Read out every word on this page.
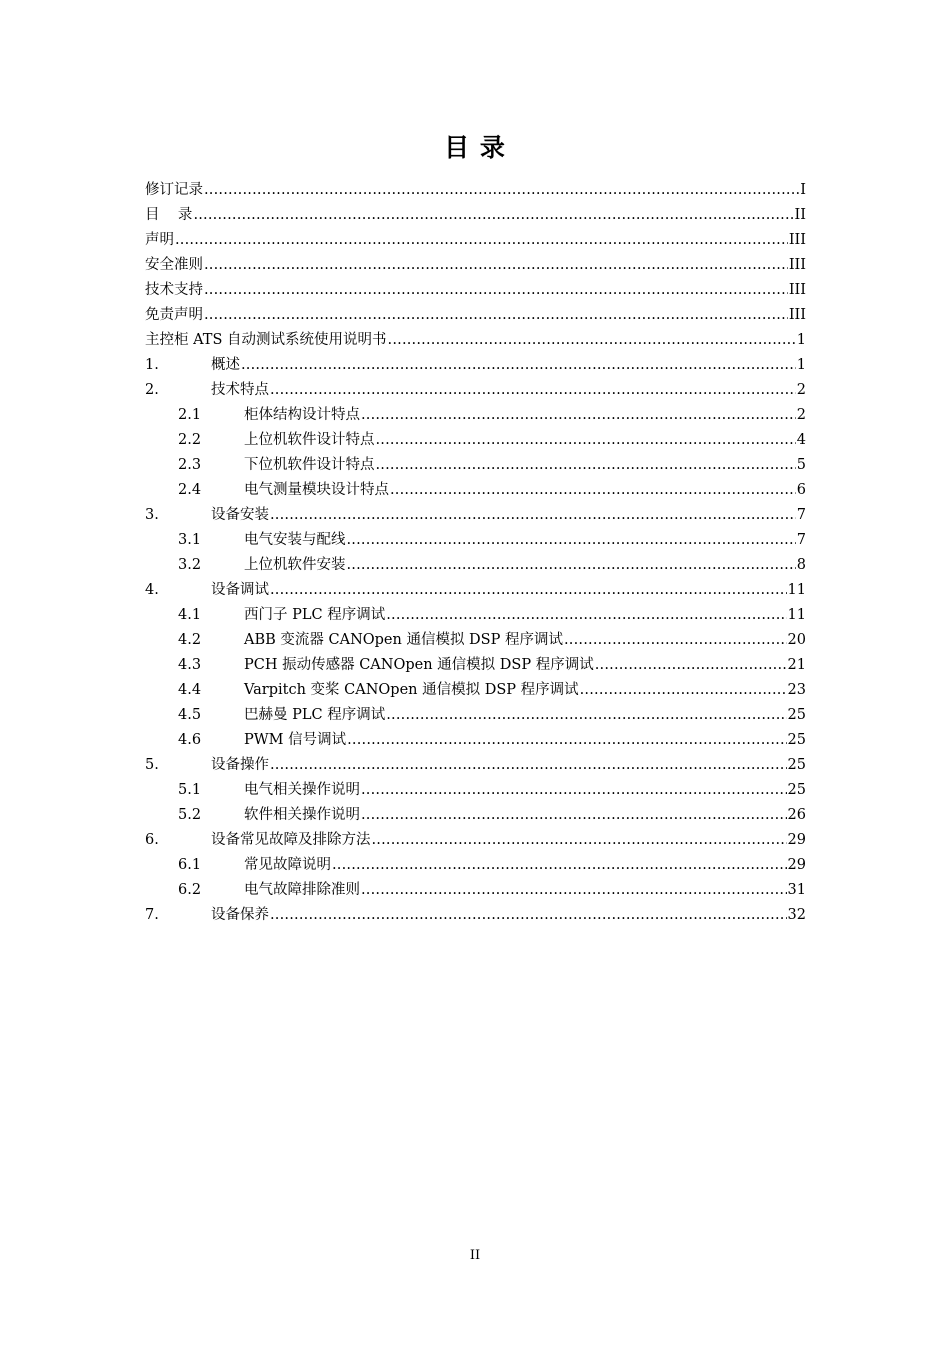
目 录
修订记录 .....	I
目    录 .....	II
声明 .....	III
安全准则 .....	III
技术支持 .....	III
免责声明 .....	III
主控柜 ATS 自动测试系统使用说明书 .....	1
1.	概述 .....	1
2.	技术特点 .....	2
2.1	柜体结构设计特点 .....	2
2.2	上位机软件设计特点 .....	4
2.3	下位机软件设计特点 .....	5
2.4	电气测量模块设计特点 .....	6
3.	设备安装 .....	7
3.1	电气安装与配线 .....	7
3.2	上位机软件安装 .....	8
4.	设备调试 .....	11
4.1	西门子 PLC 程序调试 .....	11
4.2	ABB 变流器 CANOpen 通信模拟 DSP 程序调试 .....	20
4.3	PCH 振动传感器 CANOpen 通信模拟 DSP 程序调试 .....	21
4.4	Varpitch 变桨 CANOpen 通信模拟 DSP 程序调试 .....	23
4.5	巴赫曼 PLC 程序调试 .....	25
4.6	PWM 信号调试 .....	25
5.	设备操作 .....	25
5.1	电气相关操作说明 .....	25
5.2	软件相关操作说明 .....	26
6.	设备常见故障及排除方法 .....	29
6.1	常见故障说明 .....	29
6.2	电气故障排除准则 .....	31
7.	设备保养 .....	32
II
